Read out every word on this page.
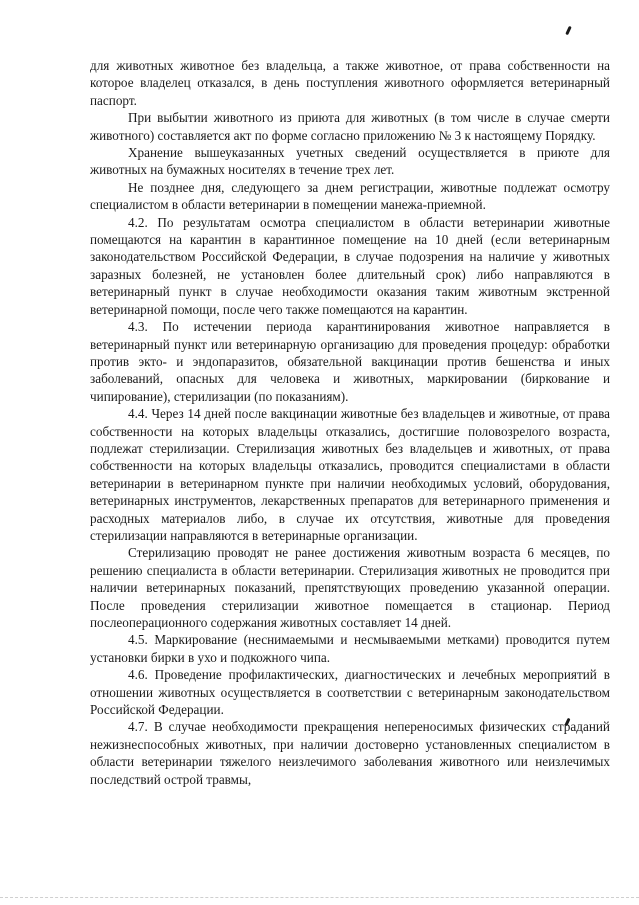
для животных животное без владельца, а также животное, от права собственности на которое владелец отказался, в день поступления животного оформляется ветеринарный паспорт.

При выбытии животного из приюта для животных (в том числе в случае смерти животного) составляется акт по форме согласно приложению № 3 к настоящему Порядку.

Хранение вышеуказанных учетных сведений осуществляется в приюте для животных на бумажных носителях в течение трех лет.

Не позднее дня, следующего за днем регистрации, животные подлежат осмотру специалистом в области ветеринарии в помещении манежа-приемной.

4.2. По результатам осмотра специалистом в области ветеринарии животные помещаются на карантин в карантинное помещение на 10 дней (если ветеринарным законодательством Российской Федерации, в случае подозрения на наличие у животных заразных болезней, не установлен более длительный срок) либо направляются в ветеринарный пункт в случае необходимости оказания таким животным экстренной ветеринарной помощи, после чего также помещаются на карантин.

4.3. По истечении периода карантинирования животное направляется в ветеринарный пункт или ветеринарную организацию для проведения процедур: обработки против экто- и эндопаразитов, обязательной вакцинации против бешенства и иных заболеваний, опасных для человека и животных, маркировании (биркование и чипирование), стерилизации (по показаниям).

4.4. Через 14 дней после вакцинации животные без владельцев и животные, от права собственности на которых владельцы отказались, достигшие половозрелого возраста, подлежат стерилизации. Стерилизация животных без владельцев и животных, от права собственности на которых владельцы отказались, проводится специалистами в области ветеринарии в ветеринарном пункте при наличии необходимых условий, оборудования, ветеринарных инструментов, лекарственных препаратов для ветеринарного применения и расходных материалов либо, в случае их отсутствия, животные для проведения стерилизации направляются в ветеринарные организации.

Стерилизацию проводят не ранее достижения животным возраста 6 месяцев, по решению специалиста в области ветеринарии. Стерилизация животных не проводится при наличии ветеринарных показаний, препятствующих проведению указанной операции. После проведения стерилизации животное помещается в стационар. Период послеоперационного содержания животных составляет 14 дней.

4.5. Маркирование (неснимаемыми и несмываемыми метками) проводится путем установки бирки в ухо и подкожного чипа.

4.6. Проведение профилактических, диагностических и лечебных мероприятий в отношении животных осуществляется в соответствии с ветеринарным законодательством Российской Федерации.

4.7. В случае необходимости прекращения непереносимых физических страданий нежизнеспособных животных, при наличии достоверно установленных специалистом в области ветеринарии тяжелого неизлечимого заболевания животного или неизлечимых последствий острой травмы,
